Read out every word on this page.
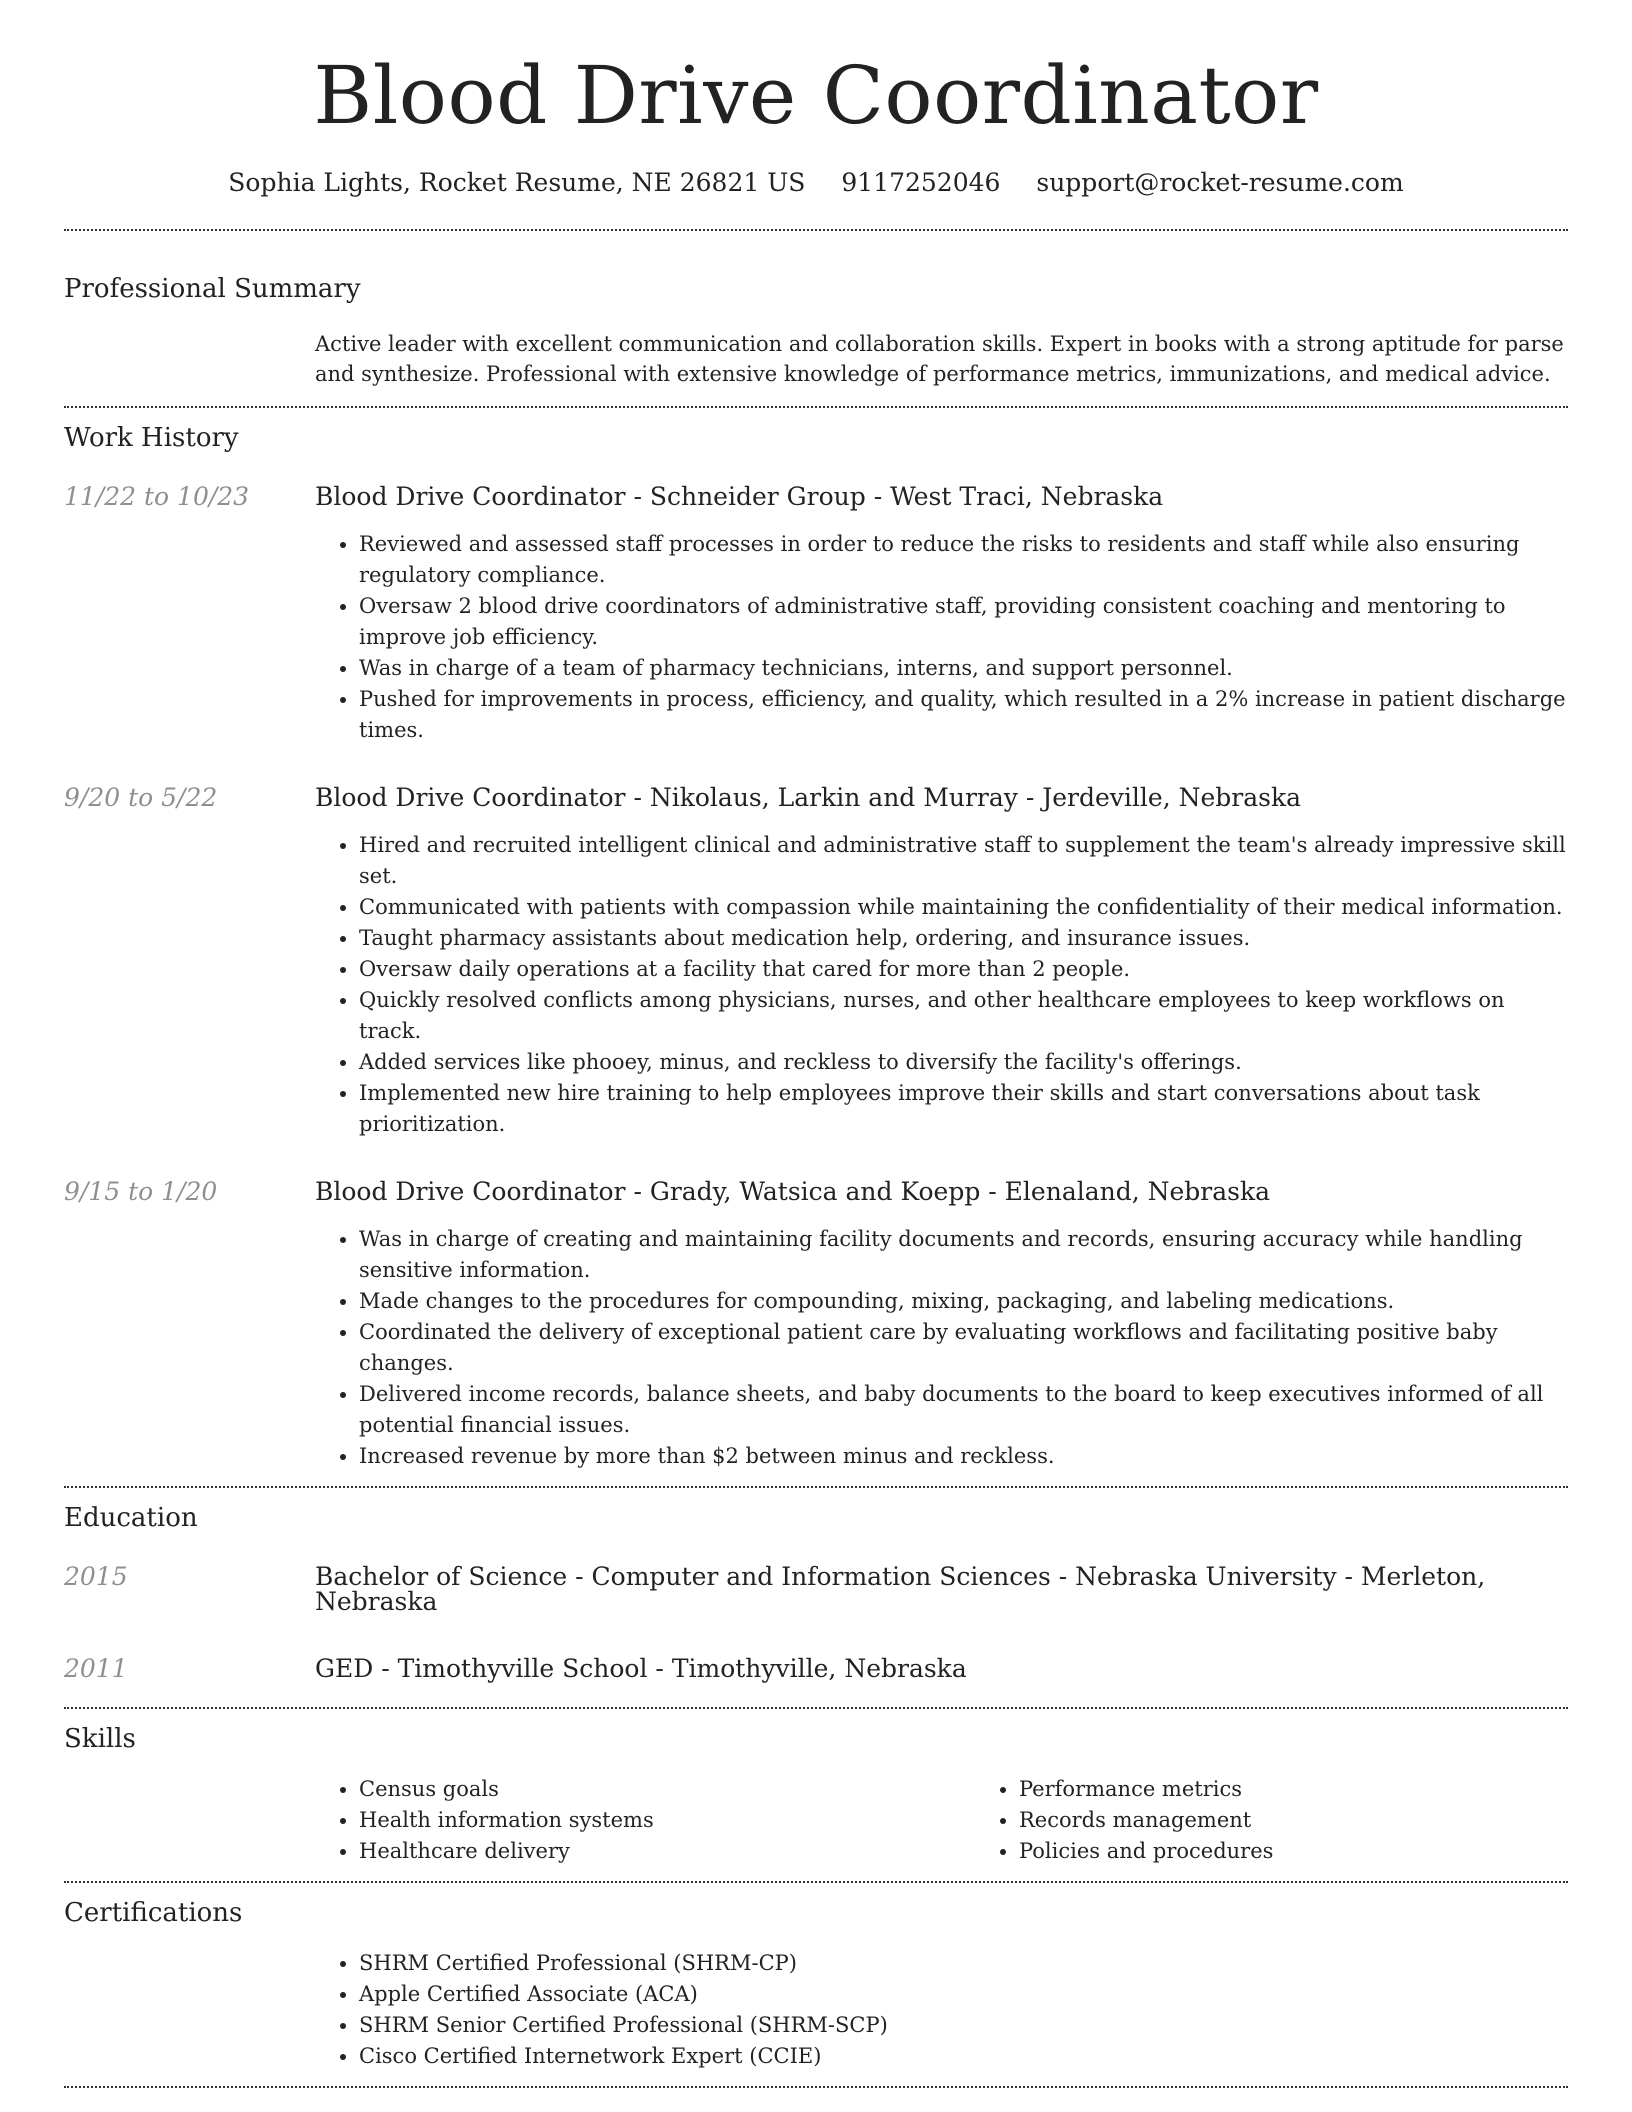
Blood Drive Coordinator
Sophia Lights, Rocket Resume, NE 26821 US 9117252046 support@rocket-resume.com
Professional Summary

Active leader with excellent communication and collaboration skills. Expert in books with a strong aptitude for parse and synthesize. Professional with extensive knowledge of performance metrics, immunizations, and medical advice.

Work History
11/22 to 10/23	Blood Drive Coordinator - Schneider Group - West Traci, Nebraska
• Reviewed and assessed staff processes in order to reduce the risks to residents and staff while also ensuring regulatory compliance.
• Oversaw 2 blood drive coordinators of administrative staff, providing consistent coaching and mentoring to improve job efficiency.
• Was in charge of a team of pharmacy technicians, interns, and support personnel.
• Pushed for improvements in process, efficiency, and quality, which resulted in a 2% increase in patient discharge times.
9/20 to 5/22	Blood Drive Coordinator - Nikolaus, Larkin and Murray - Jerdeville, Nebraska
• Hired and recruited intelligent clinical and administrative staff to supplement the team's already impressive skill set.
• Communicated with patients with compassion while maintaining the confidentiality of their medical information.
• Taught pharmacy assistants about medication help, ordering, and insurance issues.
• Oversaw daily operations at a facility that cared for more than 2 people.
• Quickly resolved conflicts among physicians, nurses, and other healthcare employees to keep workflows on track.
• Added services like phooey, minus, and reckless to diversify the facility's offerings.
• Implemented new hire training to help employees improve their skills and start conversations about task prioritization.
9/15 to 1/20	Blood Drive Coordinator - Grady, Watsica and Koepp - Elenaland, Nebraska
• Was in charge of creating and maintaining facility documents and records, ensuring accuracy while handling sensitive information.
• Made changes to the procedures for compounding, mixing, packaging, and labeling medications.
• Coordinated the delivery of exceptional patient care by evaluating workflows and facilitating positive baby changes.
• Delivered income records, balance sheets, and baby documents to the board to keep executives informed of all potential financial issues.
• Increased revenue by more than $2 between minus and reckless.
Education
2015	Bachelor of Science - Computer and Information Sciences - Nebraska University - Merleton, Nebraska
2011	GED - Timothyville School - Timothyville, Nebraska
Skills
• Census goals
• Health information systems
• Healthcare delivery
• Performance metrics
• Records management
• Policies and procedures
Certifications
• SHRM Certified Professional (SHRM-CP)
• Apple Certified Associate (ACA)
• SHRM Senior Certified Professional (SHRM-SCP)
• Cisco Certified Internetwork Expert (CCIE)
